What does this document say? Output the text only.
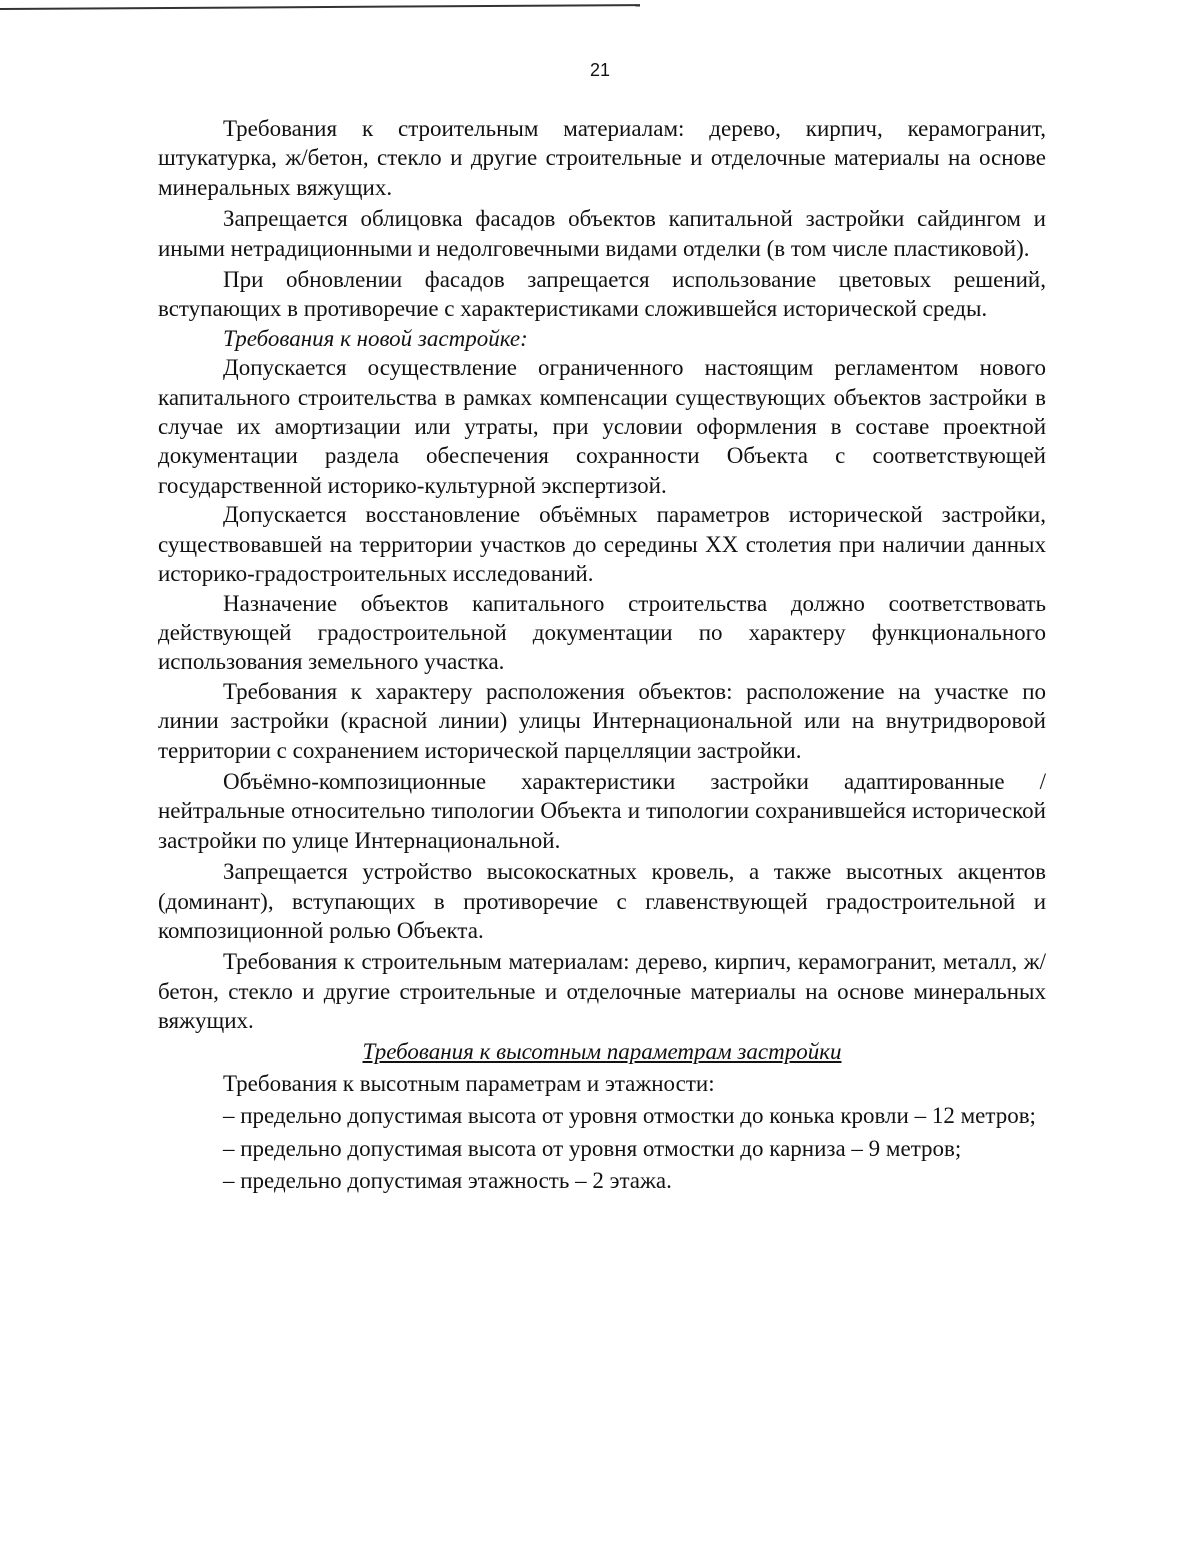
21

Требования к строительным материалам: дерево, кирпич, керамогранит, штукатурка, ж/бетон, стекло и другие строительные и отделочные материалы на основе минеральных вяжущих.

Запрещается облицовка фасадов объектов капитальной застройки сайдингом и иными нетрадиционными и недолговечными видами отделки (в том числе пластиковой).

При обновлении фасадов запрещается использование цветовых решений, вступающих в противоречие с характеристиками сложившейся исторической среды.

Требования к новой застройке:

Допускается осуществление ограниченного настоящим регламентом нового капитального строительства в рамках компенсации существующих объектов застройки в случае их амортизации или утраты, при условии оформления в составе проектной документации раздела обеспечения сохранности Объекта с соответствующей государственной историко-культурной экспертизой.

Допускается восстановление объёмных параметров исторической застройки, существовавшей на территории участков до середины XX столетия при наличии данных историко-градостроительных исследований.

Назначение объектов капитального строительства должно соответствовать действующей градостроительной документации по характеру функционального использования земельного участка.

Требования к характеру расположения объектов: расположение на участке по линии застройки (красной линии) улицы Интернациональной или на внутридворовой территории с сохранением исторической парцелляции застройки.

Объёмно-композиционные характеристики застройки адаптированные /нейтральные относительно типологии Объекта и типологии сохранившейся исторической застройки по улице Интернациональной.

Запрещается устройство высокоскатных кровель, а также высотных акцентов (доминант), вступающих в противоречие с главенствующей градостроительной и композиционной ролью Объекта.

Требования к строительным материалам: дерево, кирпич, керамогранит, металл, ж/бетон, стекло и другие строительные и отделочные материалы на основе минеральных вяжущих.

Требования к высотным параметрам застройки

Требования к высотным параметрам и этажности:

– предельно допустимая высота от уровня отмостки до конька кровли – 12 метров;

– предельно допустимая высота от уровня отмостки до карниза – 9 метров;

– предельно допустимая этажность – 2 этажа.
